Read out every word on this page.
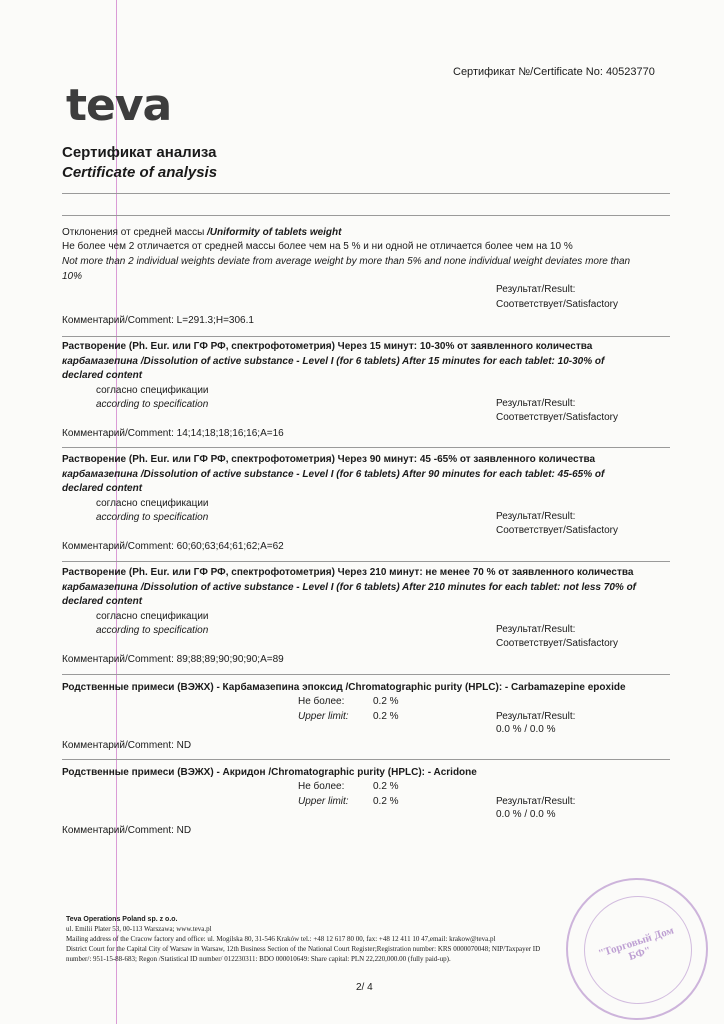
Сертификат №/Certificate No: 40523770
teva
Сертификат анализа
Certificate of analysis
Отклонения от средней массы /Uniformity of tablets weight
Не более чем 2 отличается от средней массы более чем на 5 % и ни одной не отличается более чем на 10 %
Not more than 2 individual weights deviate from average weight by more than 5% and none individual weight deviates more than
10%
Результат/Result:
Соответствует/Satisfactory
Комментарий/Comment: L=291.3;H=306.1
Растворение (Ph. Eur. или ГФ РФ, спектрофотометрия) Через 15 минут: 10-30% от заявленного количества
карбамазепина /Dissolution of active substance - Level I (for 6 tablets) After 15 minutes for each tablet: 10-30% of
declared content
согласно спецификации
according to specification	Результат/Result:
Соответствует/Satisfactory
Комментарий/Comment: 14;14;18;18;16;16;A=16
Растворение (Ph. Eur. или ГФ РФ, спектрофотометрия) Через 90 минут: 45 -65% от заявленного количества
карбамазепина /Dissolution of active substance - Level I (for 6 tablets) After 90 minutes for each tablet: 45-65% of
declared content
согласно спецификации
according to specification	Результат/Result:
Соответствует/Satisfactory
Комментарий/Comment: 60;60;63;64;61;62;A=62
Растворение (Ph. Eur. или ГФ РФ, спектрофотометрия) Через 210 минут: не менее 70 % от заявленного количества
карбамазепина /Dissolution of active substance - Level I (for 6 tablets) After 210 minutes for each tablet: not less 70% of
declared content
согласно спецификации
according to specification	Результат/Result:
Соответствует/Satisfactory
Комментарий/Comment: 89;88;89;90;90;90;A=89
Родственные примеси (ВЭЖХ) - Карбамазепина эпоксид /Chromatographic purity (HPLC): - Carbamazepine epoxide
Не более:	0.2 %
Upper limit: 0.2 %	Результат/Result:
0.0 % / 0.0 %
Комментарий/Comment: ND
Родственные примеси (ВЭЖХ) - Акридон /Chromatographic purity (HPLC): - Acridone
Не более:	0.2 %
Upper limit: 0.2 %	Результат/Result:
0.0 % / 0.0 %
Комментарий/Comment: ND
Teva Operations Poland sp. z o.o.
ul. Emilii Plater 53, 00-113 Warszawa; www.teva.pl
Mailing address of the Cracow factory and office: ul. Mogilska 80, 31-546 Kraków tel.: +48 12 617 80 00, fax: +48 12 411 10 47,email: krakow@teva.pl
District Court for the Capital City of Warsaw in Warsaw, 12th Business Section of the National Court Register;Registration number: KRS 0000070048; NIP/Taxpayer ID
number/: 951-15-88-683; Regon /Statistical ID number/ 012230311: BDO 000010649: Share capital: PLN 22,220,000.00 (fully paid-up).
2/ 4
"Торговый Дом БФ"
